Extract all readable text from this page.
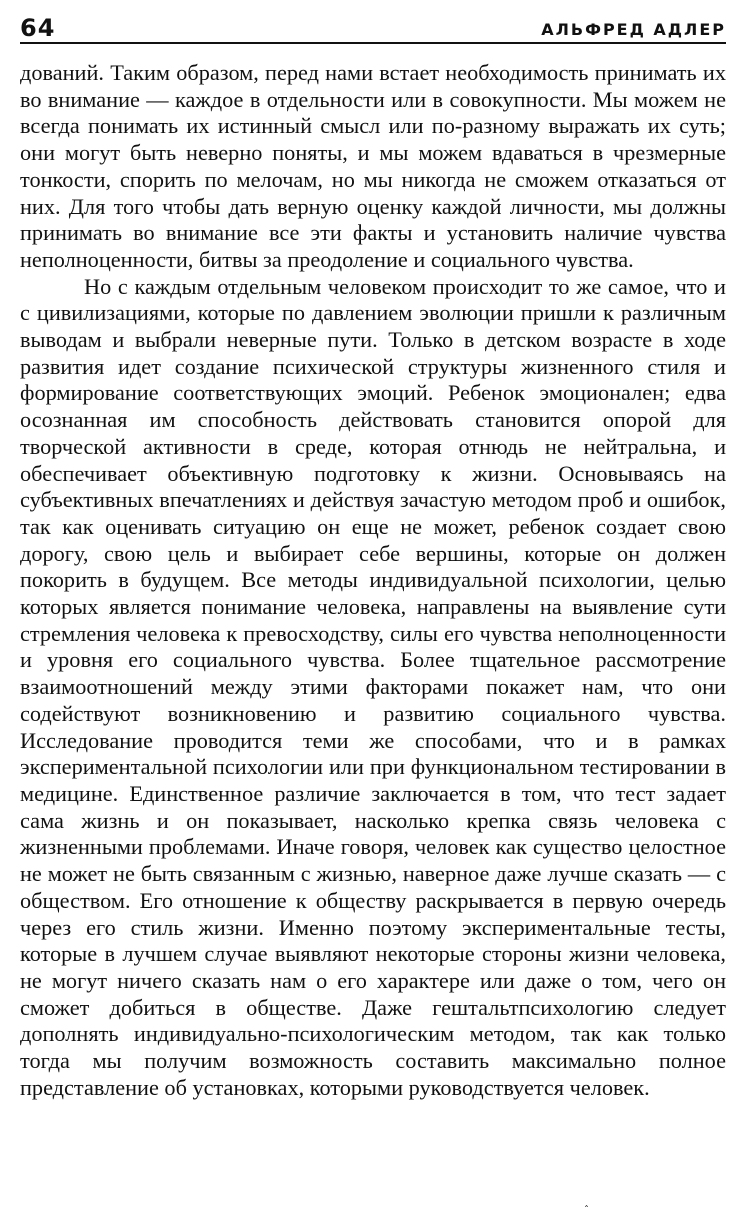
64	АЛЬФРЕД АДЛЕР

дований. Таким образом, перед нами встает необходимость принимать их во внимание — каждое в отдельности или в совокупности. Мы можем не всегда понимать их истинный смысл или по-разному выражать их суть; они могут быть неверно поняты, и мы можем вдаваться в чрезмерные тонкости, спорить по мелочам, но мы никогда не сможем отказаться от них. Для того чтобы дать верную оценку каждой личности, мы должны принимать во внимание все эти факты и установить наличие чувства неполноценности, битвы за преодоление и социального чувства.

Но с каждым отдельным человеком происходит то же самое, что и с цивилизациями, которые по давлением эволюции пришли к различным выводам и выбрали неверные пути. Только в детском возрасте в ходе развития идет создание психической структуры жизненного стиля и формирование соответствующих эмоций. Ребенок эмоционален; едва осознанная им способность действовать становится опорой для творческой активности в среде, которая отнюдь не нейтральна, и обеспечивает объективную подготовку к жизни. Основываясь на субъективных впечатлениях и действуя зачастую методом проб и ошибок, так как оценивать ситуацию он еще не может, ребенок создает свою дорогу, свою цель и выбирает себе вершины, которые он должен покорить в будущем. Все методы индивидуальной психологии, целью которых является понимание человека, направлены на выявление сути стремления человека к превосходству, силы его чувства неполноценности и уровня его социального чувства. Более тщательное рассмотрение взаимоотношений между этими факторами покажет нам, что они содействуют возникновению и развитию социального чувства. Исследование проводится теми же способами, что и в рамках экспериментальной психологии или при функциональном тестировании в медицине. Единственное различие заключается в том, что тест задает сама жизнь и он показывает, насколько крепка связь человека с жизненными проблемами. Иначе говоря, человек как существо целостное не может не быть связанным с жизнью, наверное даже лучше сказать — с обществом. Его отношение к обществу раскрывается в первую очередь через его стиль жизни. Именно поэтому экспериментальные тесты, которые в лучшем случае выявляют некоторые стороны жизни человека, не могут ничего сказать нам о его характере или даже о том, чего он сможет добиться в обществе. Даже гештальтпсихологию следует дополнять индивидуально-психологическим методом, так как только тогда мы получим возможность составить максимально полное представление об установках, которыми руководствуется человек.

ˆ
